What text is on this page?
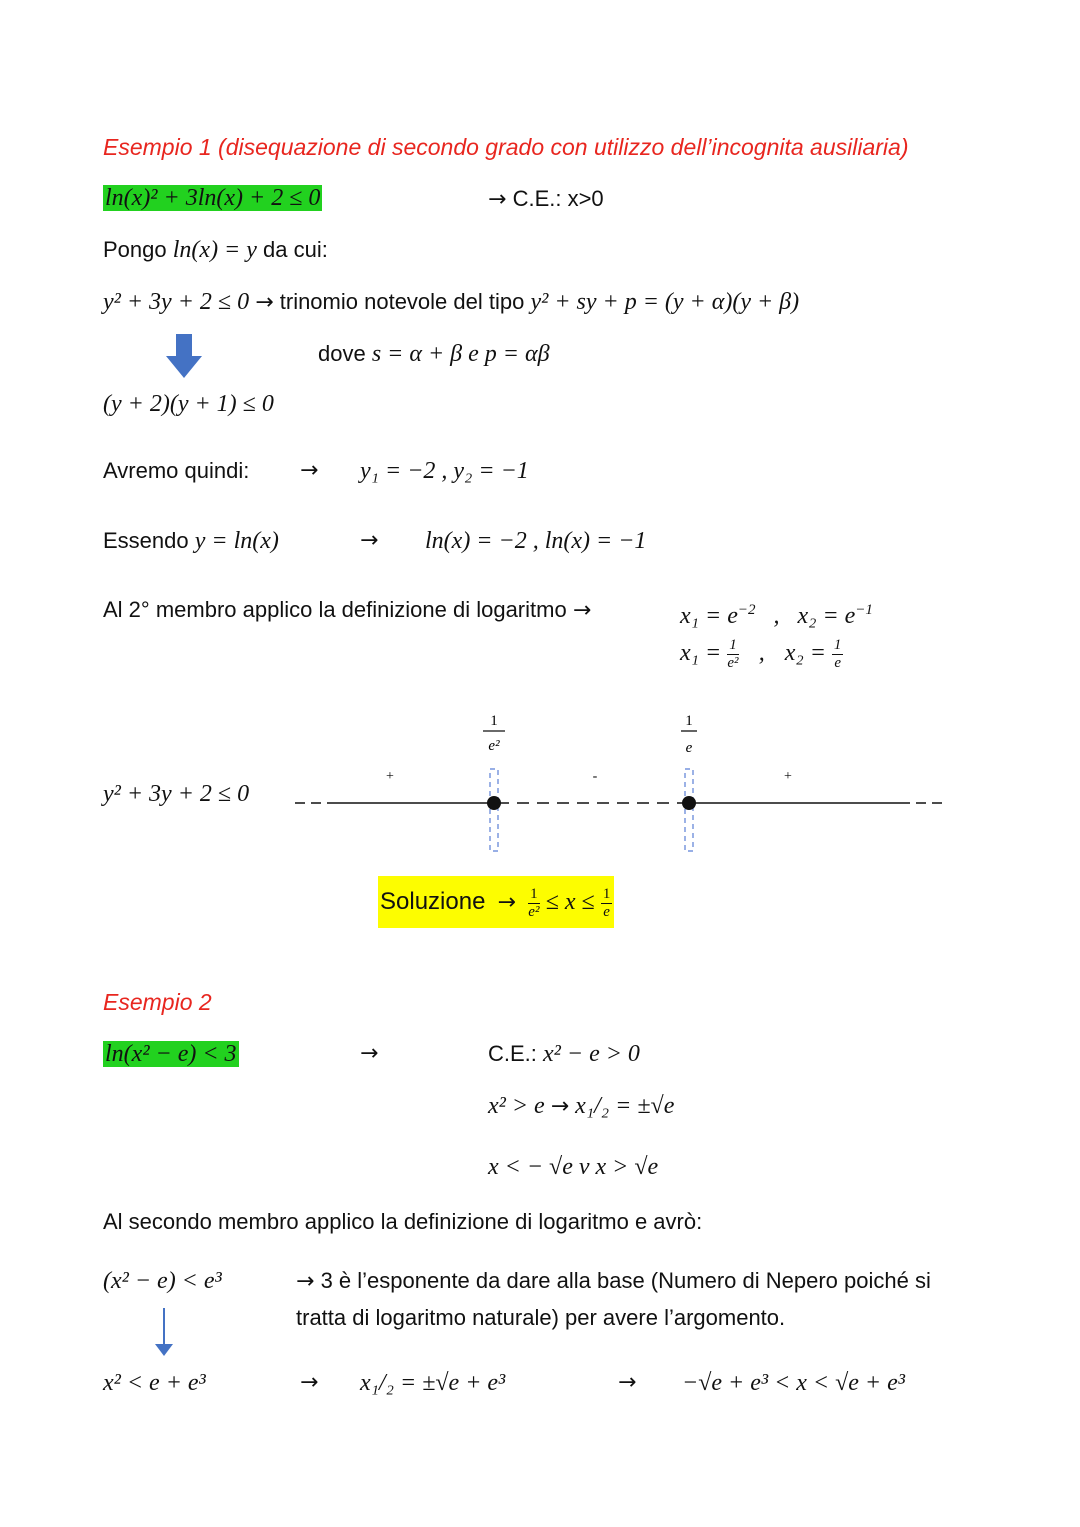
Esempio 1 (disequazione di secondo grado con utilizzo dell’incognita ausiliaria)
ln(x)² + 3ln(x) + 2 ≤ 0	→ C.E.: x>0
Pongo ln(x) = y da cui:
y² + 3y + 2 ≤ 0 → trinomio notevole del tipo y² + sy + p = (y + α)(y + β)
dove s = α + β e p = αβ
(y + 2)(y + 1) ≤ 0
Avremo quindi: → y₁ = −2 , y₂ = −1
Essendo y = ln(x)	→ ln(x) = −2 , ln(x) = −1
Al 2° membro applico la definizione di logaritmo →	$x_1 = e^{-2}$ , $x_2 = e^{-1}$
$x_1 = \frac{1}{\text{e²}}$ , $x_2 = \frac{1}{e}$
y² + 3y + 2 ≤ 0
1
e²
1
e
+	-	+
Soluzione → $\frac{1}{\text{e²}} \le x \le \frac{1}{e}$
Esempio 2
ln(x² − e) < 3	→	C.E.: x² − e > 0
x² > e → x₁/₂ = ±√e
x < − √e v x > √e
Al secondo membro applico la definizione di logaritmo e avrò:
(x² − e) < e³	→ 3 è l’esponente da dare alla base (Numero di Nepero poiché si
tratta di logaritmo naturale) per avere l’argomento.
x² < e + e³	→ x₁/₂ = ±√e + e³	→ −√e + e³ < x < √e + e³
